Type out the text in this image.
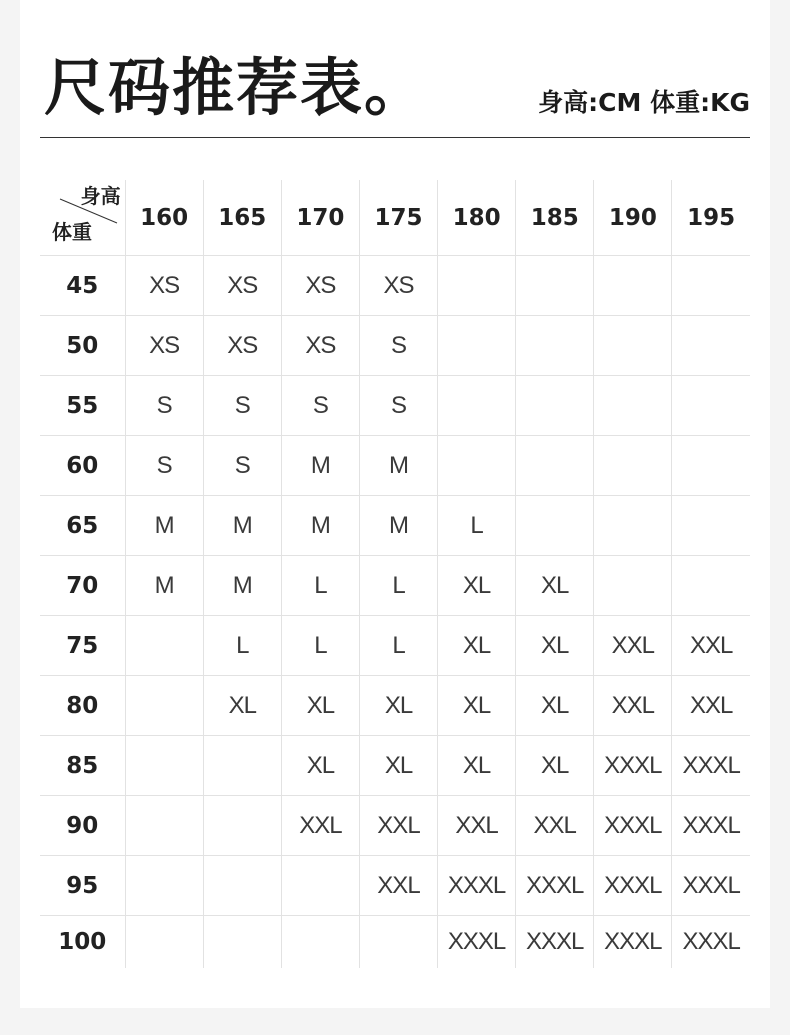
尺码推荐表。	身高:CM 体重:KG
身高
体重	160	165	170	175	180	185	190	195
45	XS	XS	XS	XS				
50	XS	XS	XS	S				
55	S	S	S	S				
60	S	S	M	M				
65	M	M	M	M	L			
70	M	M	L	L	XL	XL		
75		L	L	L	XL	XL	XXL	XXL
80		XL	XL	XL	XL	XL	XXL	XXL
85			XL	XL	XL	XL	XXXL	XXXL
90			XXL	XXL	XXL	XXL	XXXL	XXXL
95				XXL	XXXL	XXXL	XXXL	XXXL
100					XXXL	XXXL	XXXL	XXXL
